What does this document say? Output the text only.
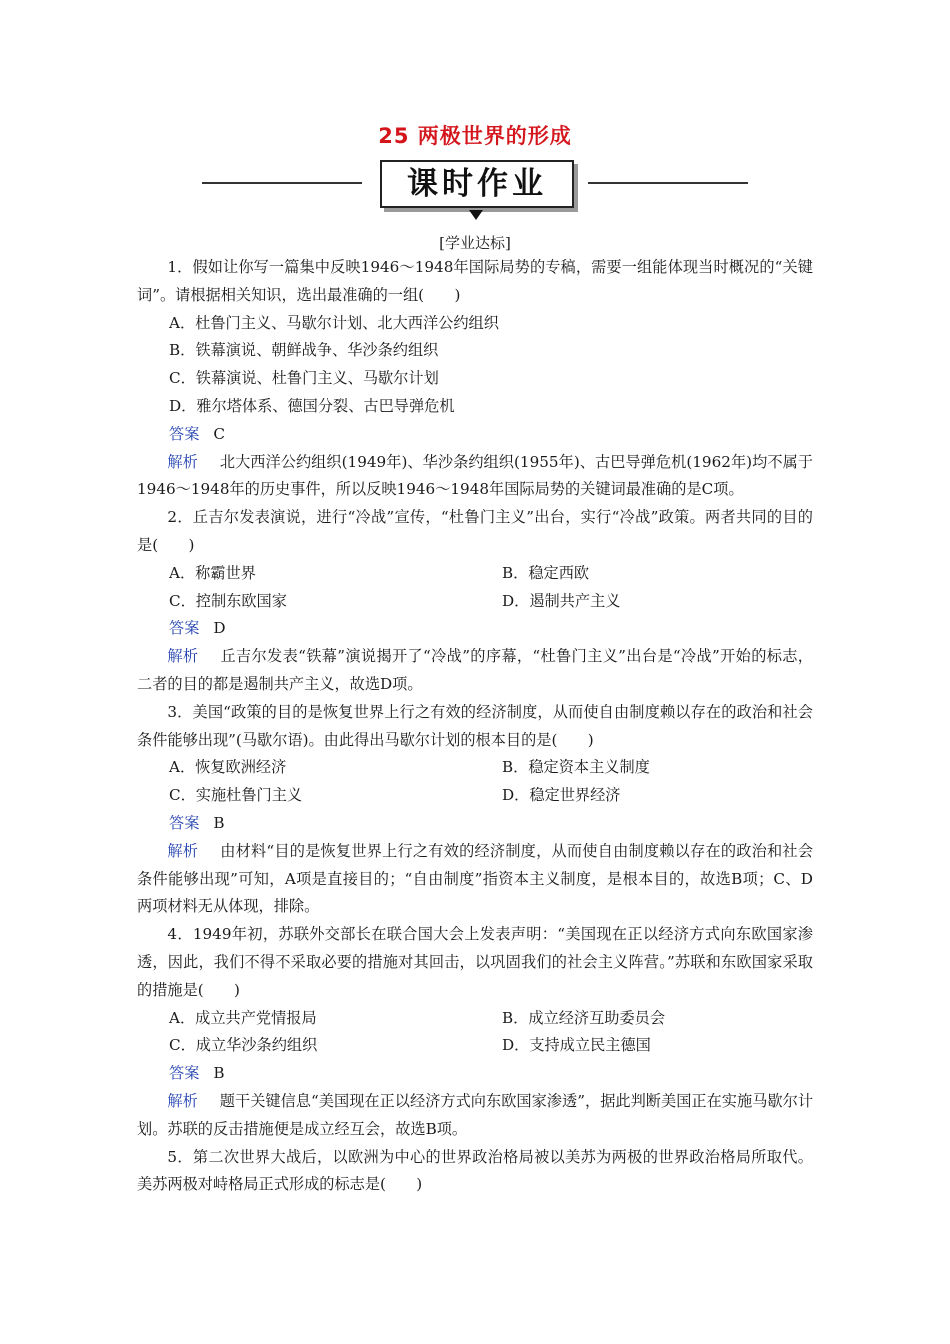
25 两极世界的形成
课时作业
[学业达标]
1．假如让你写一篇集中反映1946～1948年国际局势的专稿，需要一组能体现当时概况的“关键词”。请根据相关知识，选出最准确的一组(　　)
A．杜鲁门主义、马歇尔计划、北大西洋公约组织
B．铁幕演说、朝鲜战争、华沙条约组织
C．铁幕演说、杜鲁门主义、马歇尔计划
D．雅尔塔体系、德国分裂、古巴导弹危机
答案 C
解析 北大西洋公约组织(1949年)、华沙条约组织(1955年)、古巴导弹危机(1962年)均不属于1946～1948年的历史事件，所以反映1946～1948年国际局势的关键词最准确的是C项。
2．丘吉尔发表演说，进行“冷战”宣传，“杜鲁门主义”出台，实行“冷战”政策。两者共同的目的是(　　)
A．称霸世界	B．稳定西欧
C．控制东欧国家	D．遏制共产主义
答案 D
解析 丘吉尔发表“铁幕”演说揭开了“冷战”的序幕，“杜鲁门主义”出台是“冷战”开始的标志，二者的目的都是遏制共产主义，故选D项。
3．美国“政策的目的是恢复世界上行之有效的经济制度，从而使自由制度赖以存在的政治和社会条件能够出现”(马歇尔语)。由此得出马歇尔计划的根本目的是(　　)
A．恢复欧洲经济	B．稳定资本主义制度
C．实施杜鲁门主义	D．稳定世界经济
答案 B
解析 由材料“目的是恢复世界上行之有效的经济制度，从而使自由制度赖以存在的政治和社会条件能够出现”可知，A项是直接目的；“自由制度”指资本主义制度，是根本目的，故选B项；C、D两项材料无从体现，排除。
4．1949年初，苏联外交部长在联合国大会上发表声明：“美国现在正以经济方式向东欧国家渗透，因此，我们不得不采取必要的措施对其回击，以巩固我们的社会主义阵营。”苏联和东欧国家采取的措施是(　　)
A．成立共产党情报局	B．成立经济互助委员会
C．成立华沙条约组织	D．支持成立民主德国
答案 B
解析 题干关键信息“美国现在正以经济方式向东欧国家渗透”，据此判断美国正在实施马歇尔计划。苏联的反击措施便是成立经互会，故选B项。
5．第二次世界大战后，以欧洲为中心的世界政治格局被以美苏为两极的世界政治格局所取代。美苏两极对峙格局正式形成的标志是(　　)
